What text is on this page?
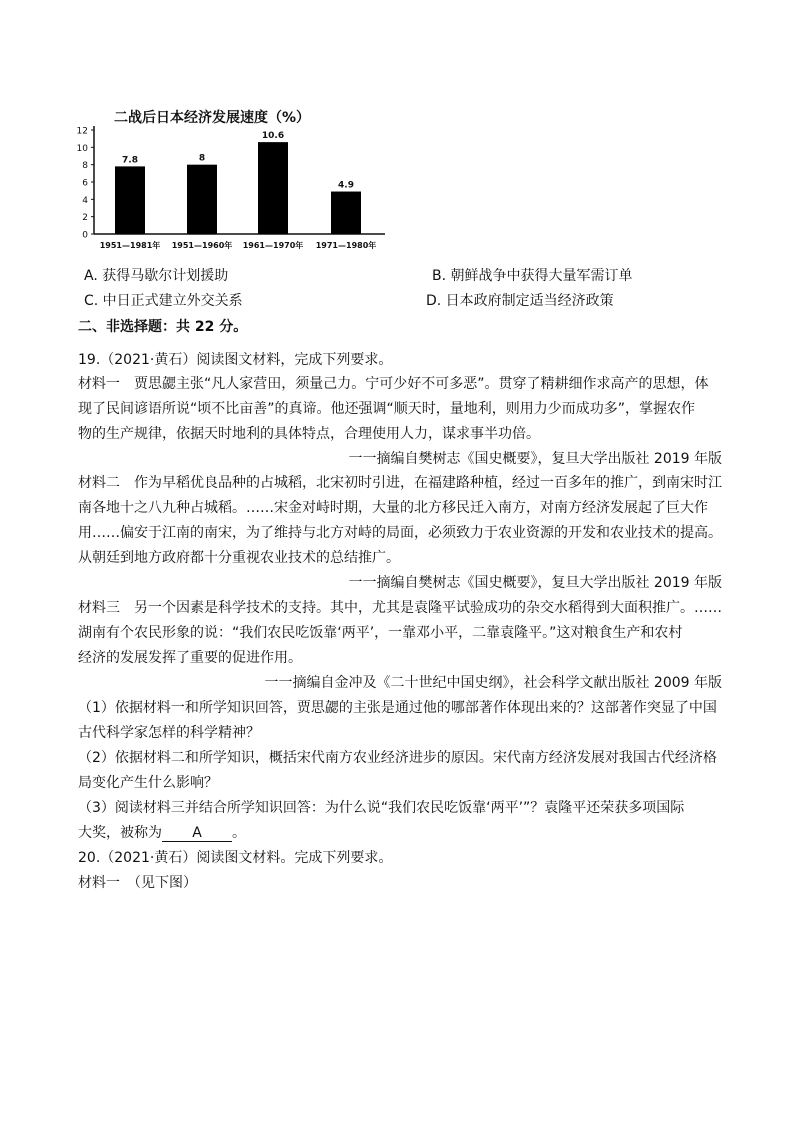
二战后日本经济发展速度（%）
0
2
4
6
8
10
12
7.8
1951—1981年
8
1951—1960年
10.6
1961—1970年
4.9
1971—1980年
A. 获得马歇尔计划援助	B. 朝鲜战争中获得大量军需订单
C. 中日正式建立外交关系	D. 日本政府制定适当经济政策
二、非选择题：共 22 分。
19.（2021·黄石）阅读图文材料，完成下列要求。
材料一　贾思勰主张“凡人家营田，须量己力。宁可少好不可多恶”。贯穿了精耕细作求高产的思想，体
现了民间谚语所说“顷不比亩善”的真谛。他还强调“顺天时，量地利，则用力少而成功多”，掌握农作
物的生产规律，依据天时地利的具体特点，合理使用人力，谋求事半功倍。
一一摘编自樊树志《国史概要》，复旦大学出版社 2019 年版
材料二　作为早稻优良品种的占城稻，北宋初时引进，在福建路种植，经过一百多年的推广，到南宋时江
南各地十之八九种占城稻。……宋金对峙时期，大量的北方移民迁入南方，对南方经济发展起了巨大作
用……偏安于江南的南宋，为了维持与北方对峙的局面，必须致力于农业资源的开发和农业技术的提高。
从朝廷到地方政府都十分重视农业技术的总结推广。
一一摘编自樊树志《国史概要》，复旦大学出版社 2019 年版
材料三　另一个因素是科学技术的支持。其中，尤其是袁隆平试验成功的杂交水稻得到大面积推广。……
湖南有个农民形象的说：“我们农民吃饭靠‘两平’，一靠邓小平，二靠袁隆平。”这对粮食生产和农村
经济的发展发挥了重要的促进作用。
一一摘编自金冲及《二十世纪中国史纲》，社会科学文献出版社 2009 年版
（1）依据材料一和所学知识回答，贾思勰的主张是通过他的哪部著作体现出来的？这部著作突显了中国
古代科学家怎样的科学精神？
（2）依据材料二和所学知识，概括宋代南方农业经济进步的原因。宋代南方经济发展对我国古代经济格
局变化产生什么影响？
（3）阅读材料三并结合所学知识回答：为什么说“我们农民吃饭靠‘两平’”？袁隆平还荣获多项国际
大奖，被称为 A 。
20.（2021·黄石）阅读图文材料。完成下列要求。
材料一　（见下图）
